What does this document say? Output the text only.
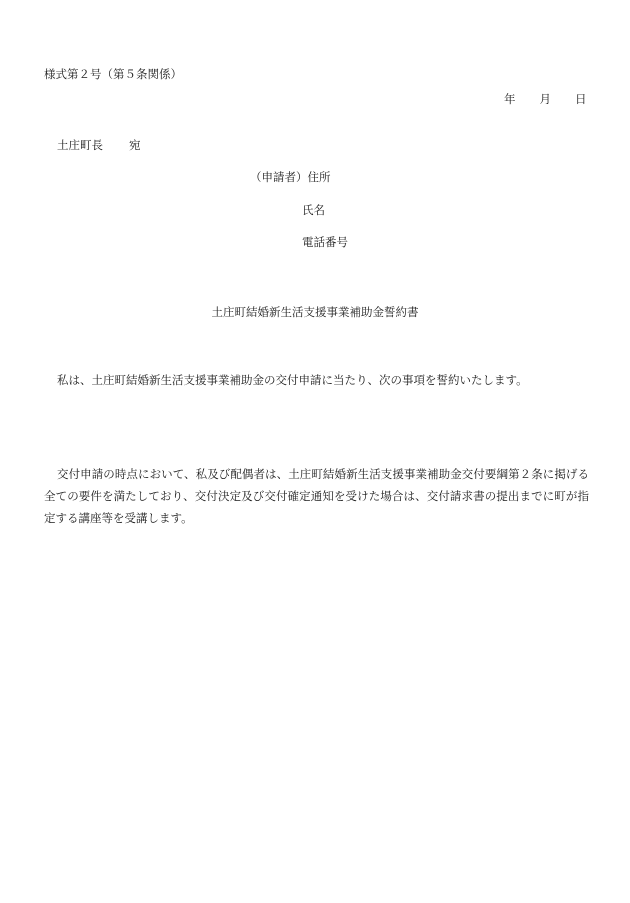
様式第２号（第５条関係）
年 月 日
土庄町長 宛
（申請者）住所
氏名
電話番号
土庄町結婚新生活支援事業補助金誓約書
私は、土庄町結婚新生活支援事業補助金の交付申請に当たり、次の事項を誓約いたします。
交付申請の時点において、私及び配偶者は、土庄町結婚新生活支援事業補助金交付要綱第２条に掲げる全ての要件を満たしており、交付決定及び交付確定通知を受けた場合は、交付請求書の提出までに町が指定する講座等を受講します。
